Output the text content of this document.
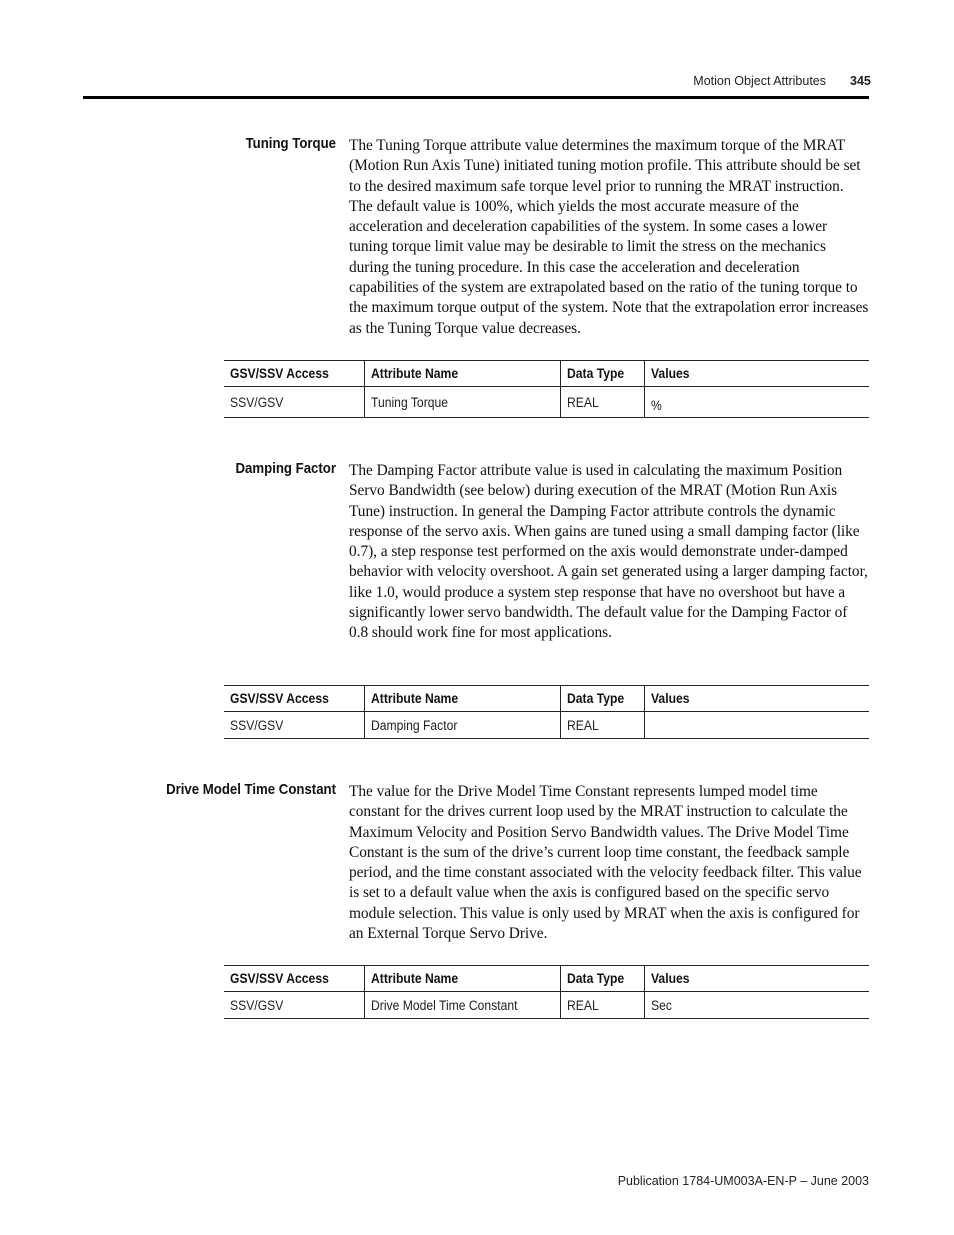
Motion Object Attributes 345
Tuning Torque The Tuning Torque attribute value determines the maximum torque of the MRAT (Motion Run Axis Tune) initiated tuning motion profile. This attribute should be set to the desired maximum safe torque level prior to running the MRAT instruction. The default value is 100%, which yields the most accurate measure of the acceleration and deceleration capabilities of the system. In some cases a lower tuning torque limit value may be desirable to limit the stress on the mechanics during the tuning procedure. In this case the acceleration and deceleration capabilities of the system are extrapolated based on the ratio of the tuning torque to the maximum torque output of the system. Note that the extrapolation error increases as the Tuning Torque value decreases.
GSV/SSV Access	Attribute Name	Data Type	Values
SSV/GSV	Tuning Torque	REAL	%
Damping Factor The Damping Factor attribute value is used in calculating the maximum Position Servo Bandwidth (see below) during execution of the MRAT (Motion Run Axis Tune) instruction. In general the Damping Factor attribute controls the dynamic response of the servo axis. When gains are tuned using a small damping factor (like 0.7), a step response test performed on the axis would demonstrate under-damped behavior with velocity overshoot. A gain set generated using a larger damping factor, like 1.0, would produce a system step response that have no overshoot but have a significantly lower servo bandwidth. The default value for the Damping Factor of 0.8 should work fine for most applications.
GSV/SSV Access	Attribute Name	Data Type	Values
SSV/GSV	Damping Factor	REAL	
Drive Model Time Constant The value for the Drive Model Time Constant represents lumped model time constant for the drives current loop used by the MRAT instruction to calculate the Maximum Velocity and Position Servo Bandwidth values. The Drive Model Time Constant is the sum of the drive’s current loop time constant, the feedback sample period, and the time constant associated with the velocity feedback filter. This value is set to a default value when the axis is configured based on the specific servo module selection. This value is only used by MRAT when the axis is configured for an External Torque Servo Drive.
GSV/SSV Access	Attribute Name	Data Type	Values
SSV/GSV	Drive Model Time Constant	REAL	Sec
Publication 1784-UM003A-EN-P – June 2003
